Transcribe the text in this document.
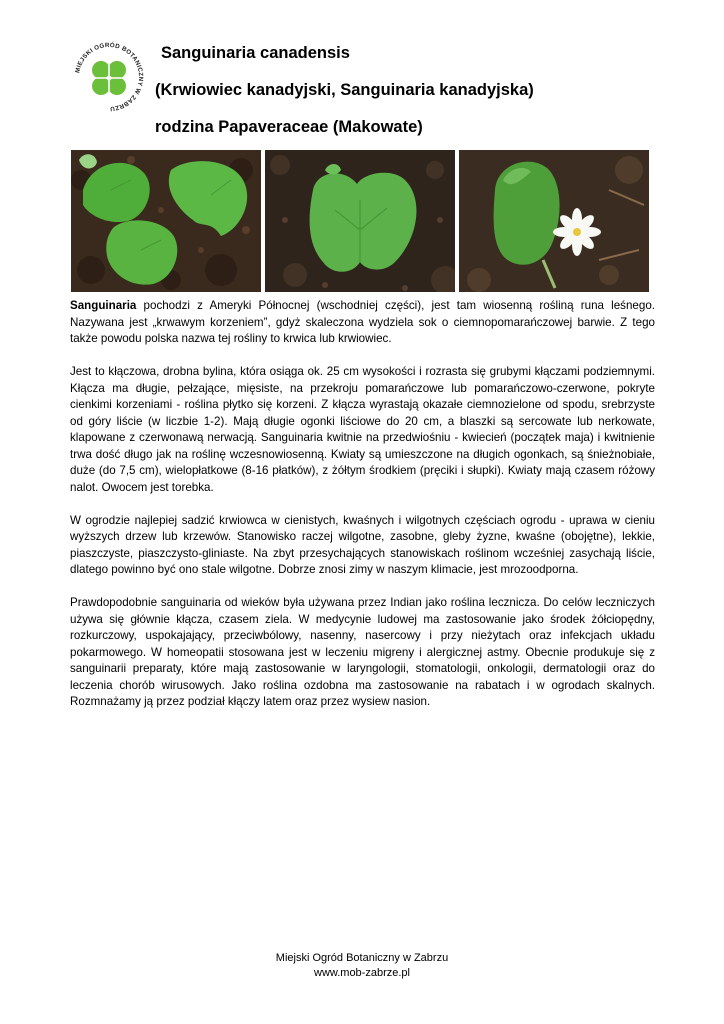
MIEJSKI OGRÓD BOTANICZNY W ZABRZU
Sanguinaria canadensis
(Krwiowiec kanadyjski, Sanguinaria kanadyjska)
rodzina Papaveraceae (Makowate)

Sanguinaria pochodzi z Ameryki Północnej (wschodniej części), jest tam wiosenną rośliną runa leśnego. Nazywana jest „krwawym korzeniem”, gdyż skaleczona wydziela sok o ciemnopomarańczowej barwie. Z tego także powodu polska nazwa tej rośliny to krwica lub krwiowiec.

Jest to kłączowa, drobna bylina, która osiąga ok. 25 cm wysokości i rozrasta się grubymi kłączami podziemnymi. Kłącza ma długie, pełzające, mięsiste, na przekroju pomarańczowe lub pomarańczowo-czerwone, pokryte cienkimi korzeniami - roślina płytko się korzeni. Z kłącza wyrastają okazałe ciemnozielone od spodu, srebrzyste od góry liście (w liczbie 1-2). Mają długie ogonki liściowe do 20 cm, a blaszki są sercowate lub nerkowate, klapowane z czerwonawą nerwacją. Sanguinaria kwitnie na przedwiośniu - kwiecień (początek maja) i kwitnienie trwa dość długo jak na roślinę wczesnowiosenną. Kwiaty są umieszczone na długich ogonkach, są śnieżnobiałe, duże (do 7,5 cm), wielopłatkowe (8-16 płatków), z żółtym środkiem (pręciki i słupki). Kwiaty mają czasem różowy nalot. Owocem jest torebka.

W ogrodzie najlepiej sadzić krwiowca w cienistych, kwaśnych i wilgotnych częściach ogrodu - uprawa w cieniu wyższych drzew lub krzewów. Stanowisko raczej wilgotne, zasobne, gleby żyzne, kwaśne (obojętne), lekkie, piaszczyste, piaszczysto-gliniaste. Na zbyt przesychających stanowiskach roślinom wcześniej zasychają liście, dlatego powinno być ono stale wilgotne. Dobrze znosi zimy w naszym klimacie, jest mrozoodporna.

Prawdopodobnie sanguinaria od wieków była używana przez Indian jako roślina lecznicza. Do celów leczniczych używa się głównie kłącza, czasem ziela. W medycynie ludowej ma zastosowanie jako środek żółciopędny, rozkurczowy, uspokajający, przeciwbólowy, nasenny, nasercowy i przy nieżytach oraz infekcjach układu pokarmowego. W homeopatii stosowana jest w leczeniu migreny i alergicznej astmy. Obecnie produkuje się z sanguinarii preparaty, które mają zastosowanie w laryngologii, stomatologii, onkologii, dermatologii oraz do leczenia chorób wirusowych. Jako roślina ozdobna ma zastosowanie na rabatach i w ogrodach skalnych. Rozmnażamy ją przez podział kłączy latem oraz przez wysiew nasion.

Miejski Ogród Botaniczny w Zabrzu
www.mob-zabrze.pl
